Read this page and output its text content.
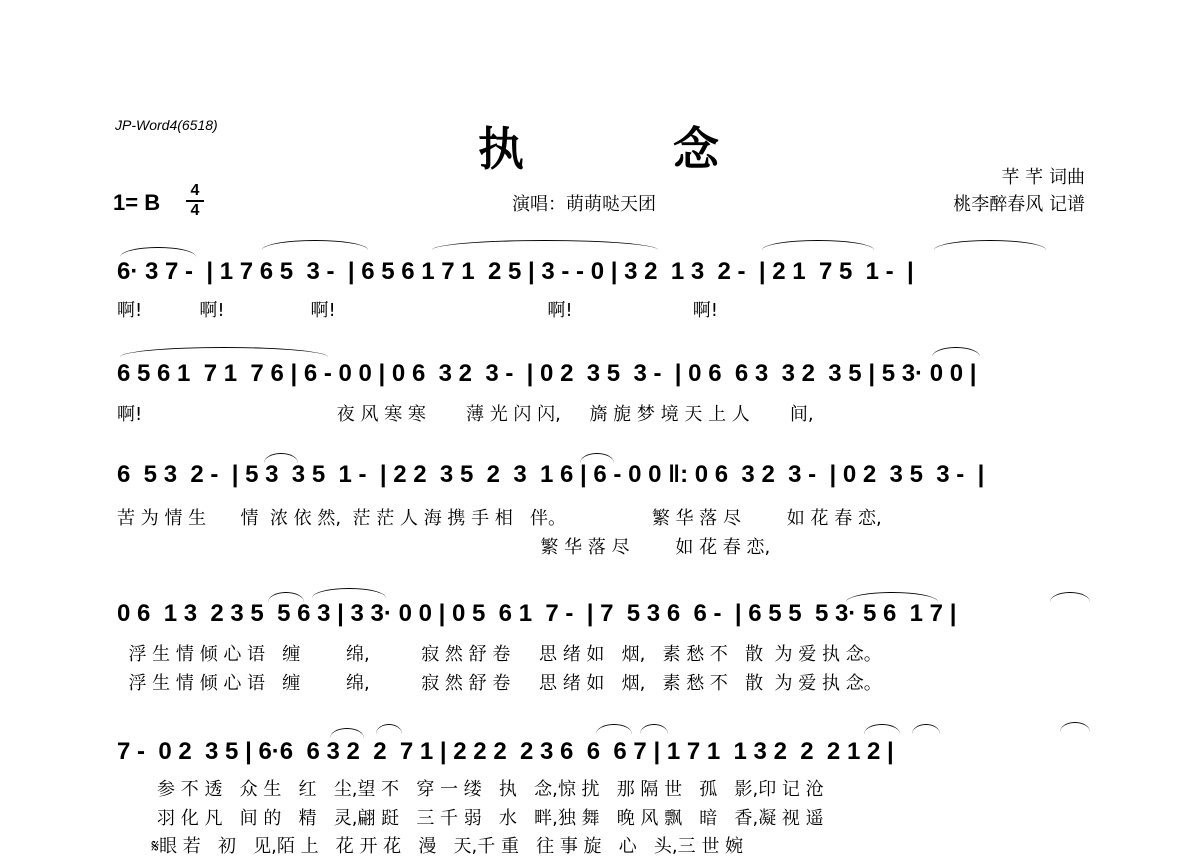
JP-Word4(6518)	执	念
1= B 4
4	演唱：萌萌哒天团
芊 芊 词曲
桃李醉春风 记谱
6· 3 7 -  | 1 7 6 5  3 -  | 6 5 6 1 7 1  2 5 | 3 - - 0 | 3 2  1 3  2 -  | 2 1  7 5  1 -  |
啊!          啊!               啊!                                     啊!                     啊!
6 5 6 1  7 1  7 6 | 6 - 0 0 | 0 6  3 2  3 -  | 0 2  3 5  3 -  | 0 6  6 3  3 2  3 5 | 5 3· 0 0 |
啊!                                  夜 风 寒 寒       薄 光 闪 闪,     旖 旎 梦 境 天 上 人       间,
6  5 3  2 -  | 5 3  3 5  1 -  | 2 2  3 5  2  3  1 6 | 6 - 0 0 ‖: 0 6  3 2  3 -  | 0 2  3 5  3 -  |
苦 为 情 生      情  浓 依 然,  茫 茫 人 海 携 手 相   伴。               繁 华 落 尽        如 花 春 恋,
繁 华 落 尽        如 花 春 恋,
0 6  1 3  2 3 5  5 6 3 | 3 3· 0 0 | 0 5  6 1  7 -  | 7  5 3 6  6 -  | 6 5 5  5 3· 5 6  1 7 |
浮 生 情 倾 心 语   缠        绵,         寂 然 舒 卷     思 绪 如   烟,   素 愁 不   散  为 爱 执 念。
浮 生 情 倾 心 语   缠        绵,         寂 然 舒 卷     思 绪 如   烟,   素 愁 不   散  为 爱 执 念。
7 -  0 2  3 5 | 6·6  6 3 2  2  7 1 | 2 2 2  2 3 6  6  6 7 | 1 7 1  1 3 2  2  2 1 2 |
参 不 透   众 生   红   尘,望 不   穿 一 缕   执   念,惊 扰   那 隔 世   孤   影,印 记 沧
羽 化 凡   间 的   精   灵,翩 跹   三 千 弱   水   畔,独 舞   晚 风 飘   暗   香,凝 视 遥
𝄋眼 若   初   见,陌 上   花 开 花   漫   天,千 重   往 事 旋   心   头,三 世 婉
